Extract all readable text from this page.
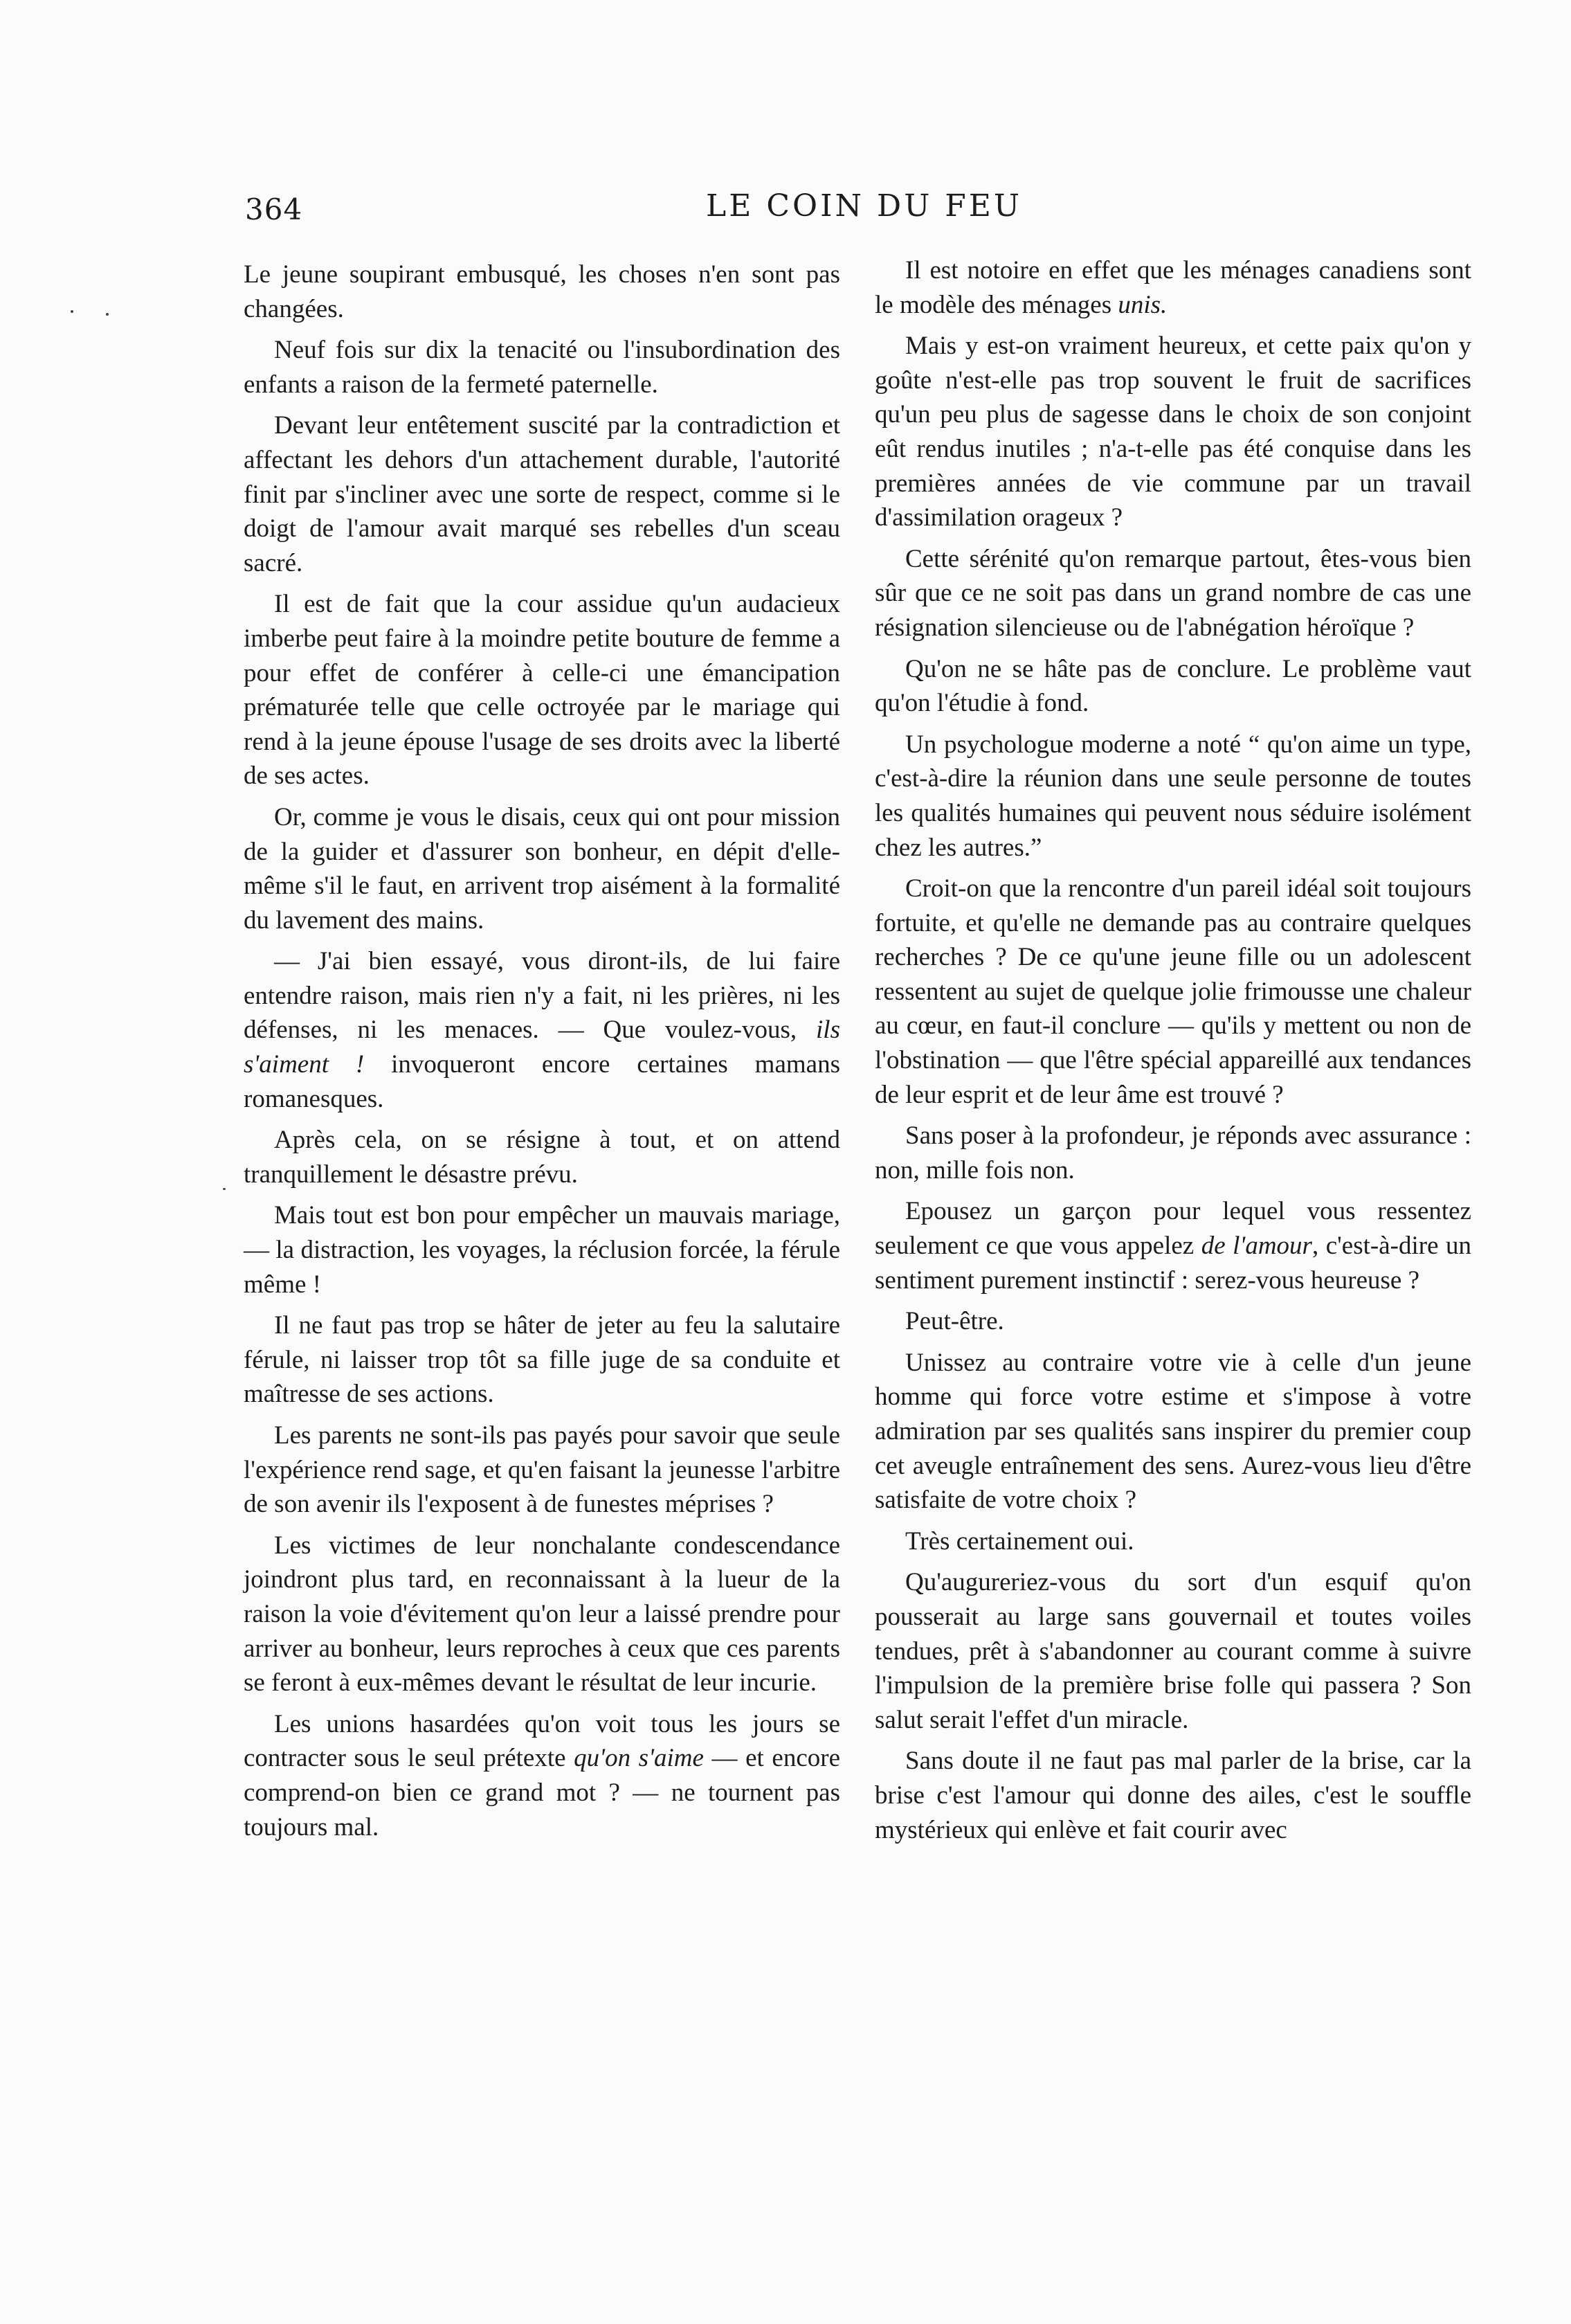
364	LE COIN DU FEU

Le jeune soupirant embusqué, les choses n'en sont pas changées.

Neuf fois sur dix la tenacité ou l'insubordination des enfants a raison de la fermeté paternelle.

Devant leur entêtement suscité par la contradiction et affectant les dehors d'un attachement durable, l'autorité finit par s'incliner avec une sorte de respect, comme si le doigt de l'amour avait marqué ses rebelles d'un sceau sacré.

Il est de fait que la cour assidue qu'un audacieux imberbe peut faire à la moindre petite bouture de femme a pour effet de conférer à celle-ci une émancipation prématurée telle que celle octroyée par le mariage qui rend à la jeune épouse l'usage de ses droits avec la liberté de ses actes.

Or, comme je vous le disais, ceux qui ont pour mission de la guider et d'assurer son bonheur, en dépit d'elle-même s'il le faut, en arrivent trop aisément à la formalité du lavement des mains.

— J'ai bien essayé, vous diront-ils, de lui faire entendre raison, mais rien n'y a fait, ni les prières, ni les défenses, ni les menaces. — Que voulez-vous, ils s'aiment ! invoqueront encore certaines mamans romanesques.

Après cela, on se résigne à tout, et on attend tranquillement le désastre prévu.

Mais tout est bon pour empêcher un mauvais mariage, — la distraction, les voyages, la réclusion forcée, la férule même !

Il ne faut pas trop se hâter de jeter au feu la salutaire férule, ni laisser trop tôt sa fille juge de sa conduite et maîtresse de ses actions.

Les parents ne sont-ils pas payés pour savoir que seule l'expérience rend sage, et qu'en faisant la jeunesse l'arbitre de son avenir ils l'exposent à de funestes méprises ?

Les victimes de leur nonchalante condescendance joindront plus tard, en reconnaissant à la lueur de la raison la voie d'évitement qu'on leur a laissé prendre pour arriver au bonheur, leurs reproches à ceux que ces parents se feront à eux-mêmes devant le résultat de leur incurie.

Les unions hasardées qu'on voit tous les jours se contracter sous le seul prétexte qu'on s'aime — et encore comprend-on bien ce grand mot ? — ne tournent pas toujours mal.

Il est notoire en effet que les ménages canadiens sont le modèle des ménages unis.

Mais y est-on vraiment heureux, et cette paix qu'on y goûte n'est-elle pas trop souvent le fruit de sacrifices qu'un peu plus de sagesse dans le choix de son conjoint eût rendus inutiles ; n'a-t-elle pas été conquise dans les premières années de vie commune par un travail d'assimilation orageux ?

Cette sérénité qu'on remarque partout, êtes-vous bien sûr que ce ne soit pas dans un grand nombre de cas une résignation silencieuse ou de l'abnégation héroïque ?

Qu'on ne se hâte pas de conclure. Le problème vaut qu'on l'étudie à fond.

Un psychologue moderne a noté “ qu'on aime un type, c'est-à-dire la réunion dans une seule personne de toutes les qualités humaines qui peuvent nous séduire isolément chez les autres.”

Croit-on que la rencontre d'un pareil idéal soit toujours fortuite, et qu'elle ne demande pas au contraire quelques recherches ? De ce qu'une jeune fille ou un adolescent ressentent au sujet de quelque jolie frimousse une chaleur au cœur, en faut-il conclure — qu'ils y mettent ou non de l'obstination — que l'être spécial appareillé aux tendances de leur esprit et de leur âme est trouvé ?

Sans poser à la profondeur, je réponds avec assurance : non, mille fois non.

Epousez un garçon pour lequel vous ressentez seulement ce que vous appelez de l'amour, c'est-à-dire un sentiment purement instinctif : serez-vous heureuse ?

Peut-être.

Unissez au contraire votre vie à celle d'un jeune homme qui force votre estime et s'impose à votre admiration par ses qualités sans inspirer du premier coup cet aveugle entraînement des sens. Aurez-vous lieu d'être satisfaite de votre choix ?

Très certainement oui.

Qu'augureriez-vous du sort d'un esquif qu'on pousserait au large sans gouvernail et toutes voiles tendues, prêt à s'abandonner au courant comme à suivre l'impulsion de la première brise folle qui passera ? Son salut serait l'effet d'un miracle.

Sans doute il ne faut pas mal parler de la brise, car la brise c'est l'amour qui donne des ailes, c'est le souffle mystérieux qui enlève et fait courir avec
